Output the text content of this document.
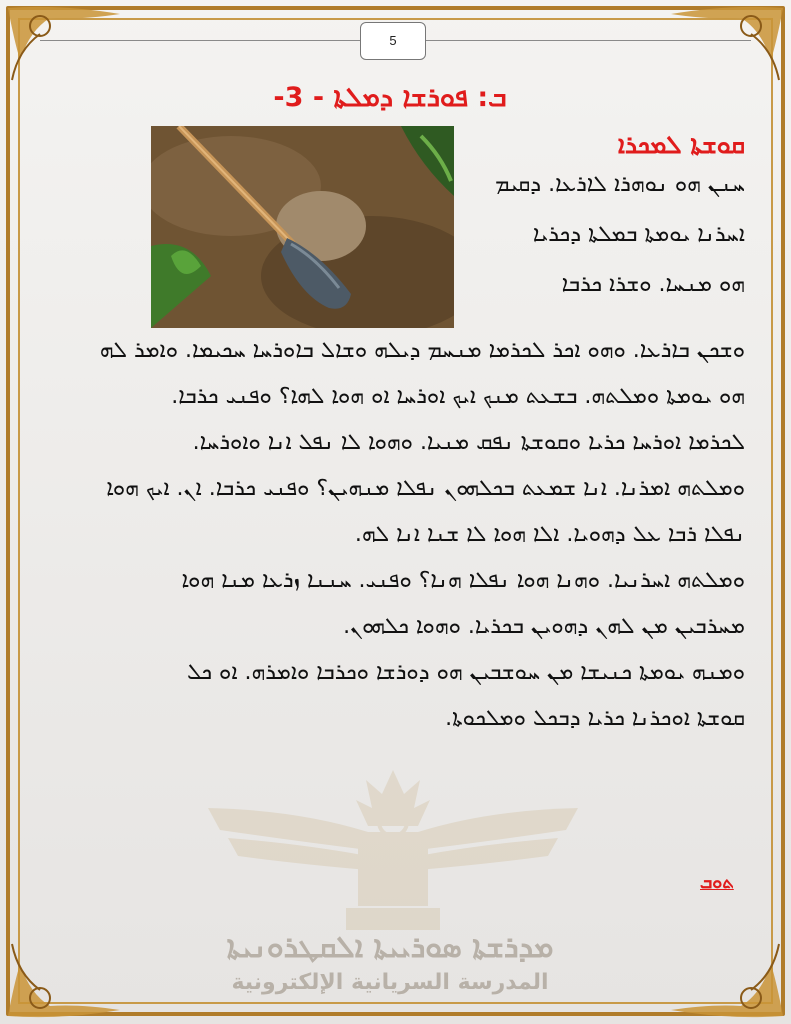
5
ܒ: ܦܘܪܫܐ ܕܡܠܬܐ - 3-
ܩܘܫܬܐ ܠܡܟܪܐ
ܚܢܢ ܗܘ ܢܘܗܪܐ ܠܐܪܥܐ. ܕܩܝܡ
ܐܚܪܢܐ ܝܘܡܬܐ ܒܡܠܬܐ ܕܟܪܝܐ
ܗܘ ܡܢܚܐ. ܘܫܪܐ ܟܪܒܐ
ܘܫܟܢ ܒܐܪܥܐ. ܘܗܘ ܐܟܪ ܠܟܪܡܐ ܡܢܚܡ ܕܝܠܗ ܘܫܐܠ ܒܐܘܪܚܐ ܚܟܝܡܐ. ܘܐܡܪ ܠܗ
ܗܘ ܝܘܡܬܐ ܘܡܠܬܗ. ܒܫܥܬ ܡܢܟ ܐܝܟ ܐܘܪܚܐ ܐܘ ܗܘܐ ܠܗܐ؟ ܘܦܢܝ ܟܪܒܐ.
ܠܟܪܡܐ ܐܘܪܚܐ ܟܪܝܐ ܘܩܘܫܬܐ ܢܦܩ ܡܢܝܐ. ܘܗܘܐ ܠܐ ܢܦܠ ܐܢܐ ܘܐܘܪܚܐ.
ܘܡܠܬܗ ܐܡܪܢܐ. ܐܢܐ ܫܡܥܬ ܒܟܠܗܘܢ ܢܦܠܐ ܡܢܗܝܢ؟ ܘܦܢܝ ܟܪܒܐ. ܐܢ. ܐܝܟ ܗܘܐ
ܢܦܠܐ ܪܒܐ ܥܠ ܕܗܘܝܐ. ܐܠܐ ܗܘܐ ܠܐ ܫܢܐ ܐܢܐ ܠܗ.
ܘܡܠܬܗ ܐܚܪܢܝܐ. ܘܗܢܐ ܗܘܐ ܢܦܠܐ ܗܢܐ؟ ܘܦܢܝ. ܚܢܢܐ ܙܪܥܐ ܡܢܐ ܗܘܐ
ܡܚܪܒܝܢ ܡܢ ܠܗܢ ܕܗܘܝܢ ܒܟܪܝܐ. ܘܗܘܐ ܟܠܗܘܢ.
ܘܡܢܗ ܝܘܡܬܐ ܟܢܝܫܐ ܡܢ ܚܘܫܒܝܢ ܗܘ ܕܘܪܫܐ ܘܟܪܒܐ ܘܐܡܪܗ. ܐܘ ܟܠ
ܩܘܫܬܐ ܐܘܟܪܢܐ ܟܪܝܐ ܕܒܟܠ ܘܡܠܟܘܬܐ.
ܡܕܪܫܬܐ ܣܘܪܝܝܬܐ ܐܠܩܛܪܘܢܝܬܐ
المدرسة السريانية الإلكترونية
ܬܘܒ
